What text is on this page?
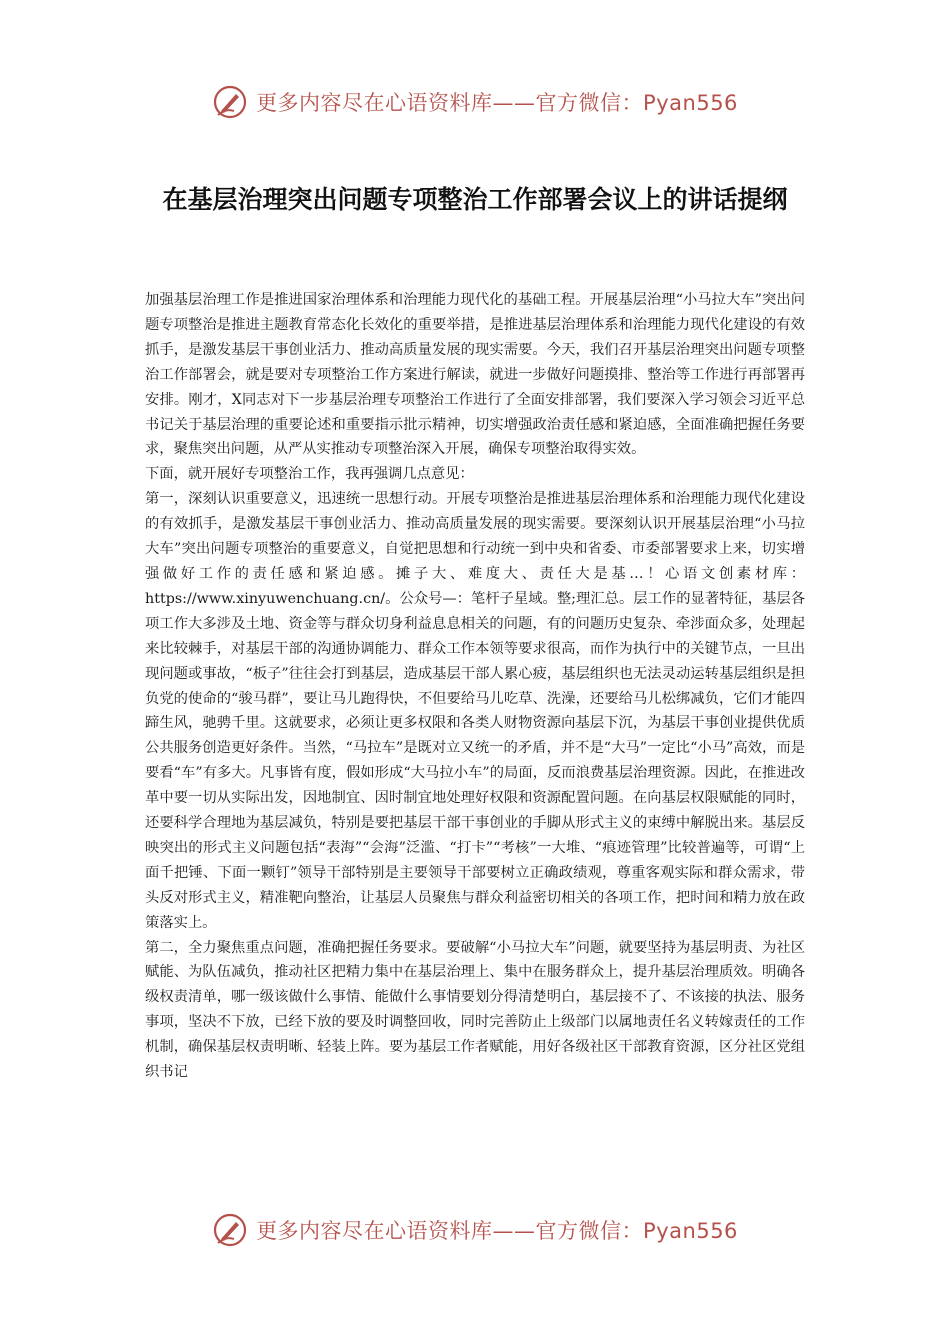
更多内容尽在心语资料库——官方微信：Pyan556
在基层治理突出问题专项整治工作部署会议上的讲话提纲

加强基层治理工作是推进国家治理体系和治理能力现代化的基础工程。开展基层治理“小马拉大车”突出问题专项整治是推进主题教育常态化长效化的重要举措，是推进基层治理体系和治理能力现代化建设的有效抓手，是激发基层干事创业活力、推动高质量发展的现实需要。今天，我们召开基层治理突出问题专项整治工作部署会，就是要对专项整治工作方案进行解读，就进一步做好问题摸排、整治等工作进行再部署再安排。刚才，X同志对下一步基层治理专项整治工作进行了全面安排部署，我们要深入学习领会习近平总书记关于基层治理的重要论述和重要指示批示精神，切实增强政治责任感和紧迫感，全面准确把握任务要求，聚焦突出问题，从严从实推动专项整治深入开展，确保专项整治取得实效。

下面，就开展好专项整治工作，我再强调几点意见：

第一，深刻认识重要意义，迅速统一思想行动。开展专项整治是推进基层治理体系和治理能力现代化建设的有效抓手，是激发基层干事创业活力、推动高质量发展的现实需要。要深刻认识开展基层治理“小马拉大车”突出问题专项整治的重要意义，自觉把思想和行动统一到中央和省委、市委部署要求上来，切实增强做好工作的责任感和紧迫感。摊子大、难度大、责任大是基…！心语文创素材库：https://www.xinyuwenchuang.cn/。公众号—：笔杆子星域。整;理汇总。层工作的显著特征，基层各项工作大多涉及土地、资金等与群众切身利益息息相关的问题，有的问题历史复杂、牵涉面众多，处理起来比较棘手，对基层干部的沟通协调能力、群众工作本领等要求很高，而作为执行中的关键节点，一旦出现问题或事故，“板子”往往会打到基层，造成基层干部人累心疲，基层组织也无法灵动运转基层组织是担负党的使命的“骏马群”，要让马儿跑得快，不但要给马儿吃草、洗澡，还要给马儿松绑减负，它们才能四蹄生风，驰骋千里。这就要求，必须让更多权限和各类人财物资源向基层下沉，为基层干事创业提供优质公共服务创造更好条件。当然，“马拉车”是既对立又统一的矛盾，并不是“大马”一定比“小马”高效，而是要看“车”有多大。凡事皆有度，假如形成“大马拉小车”的局面，反而浪费基层治理资源。因此，在推进改革中要一切从实际出发，因地制宜、因时制宜地处理好权限和资源配置问题。在向基层权限赋能的同时，还要科学合理地为基层减负，特别是要把基层干部干事创业的手脚从形式主义的束缚中解脱出来。基层反映突出的形式主义问题包括“表海”“会海”泛滥、“打卡”“考核”一大堆、“痕迹管理”比较普遍等，可谓“上面千把锤、下面一颗钉”领导干部特别是主要领导干部要树立正确政绩观，尊重客观实际和群众需求，带头反对形式主义，精准靶向整治，让基层人员聚焦与群众利益密切相关的各项工作，把时间和精力放在政策落实上。

第二，全力聚焦重点问题，准确把握任务要求。要破解“小马拉大车”问题，就要坚持为基层明责、为社区赋能、为队伍减负，推动社区把精力集中在基层治理上、集中在服务群众上，提升基层治理质效。明确各级权责清单，哪一级该做什么事情、能做什么事情要划分得清楚明白，基层接不了、不该接的执法、服务事项，坚决不下放，已经下放的要及时调整回收，同时完善防止上级部门以属地责任名义转嫁责任的工作机制，确保基层权责明晰、轻装上阵。要为基层工作者赋能，用好各级社区干部教育资源，区分社区党组织书记

更多内容尽在心语资料库——官方微信：Pyan556
